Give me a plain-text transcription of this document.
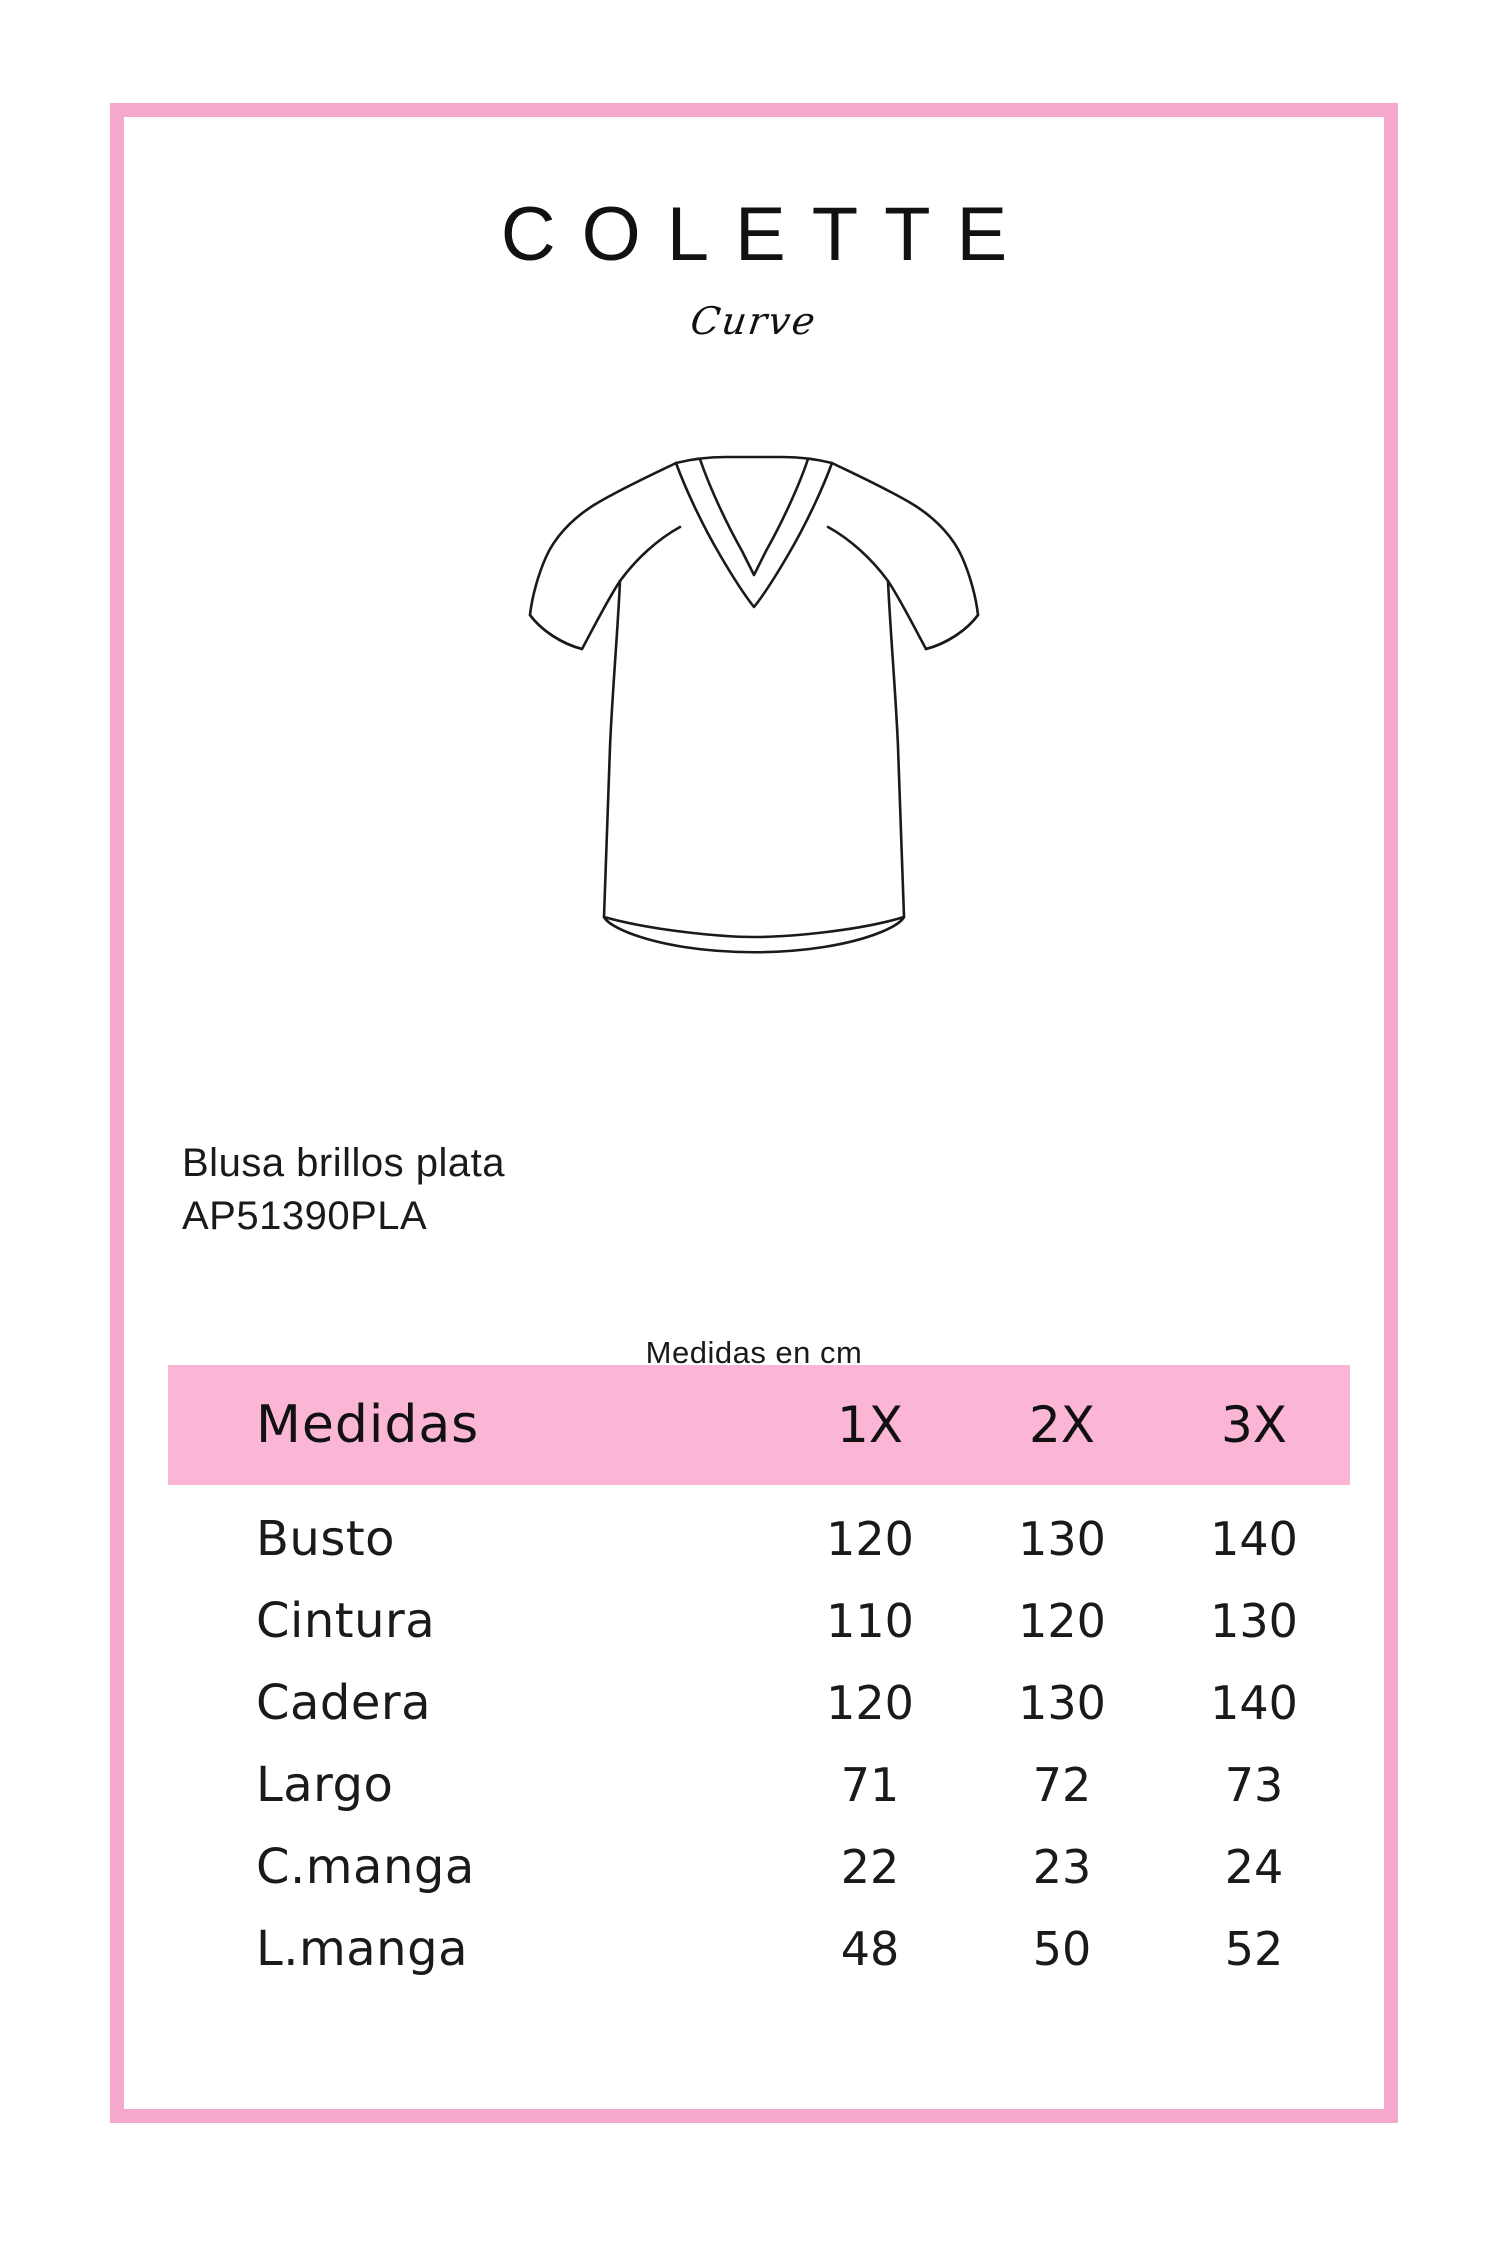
COLETTE
Curve
Blusa brillos plata
AP51390PLA
Medidas en cm
Medidas	1X	2X	3X
Busto	120	130	140
Cintura	110	120	130
Cadera	120	130	140
Largo	71	72	73
C.manga	22	23	24
L.manga	48	50	52
